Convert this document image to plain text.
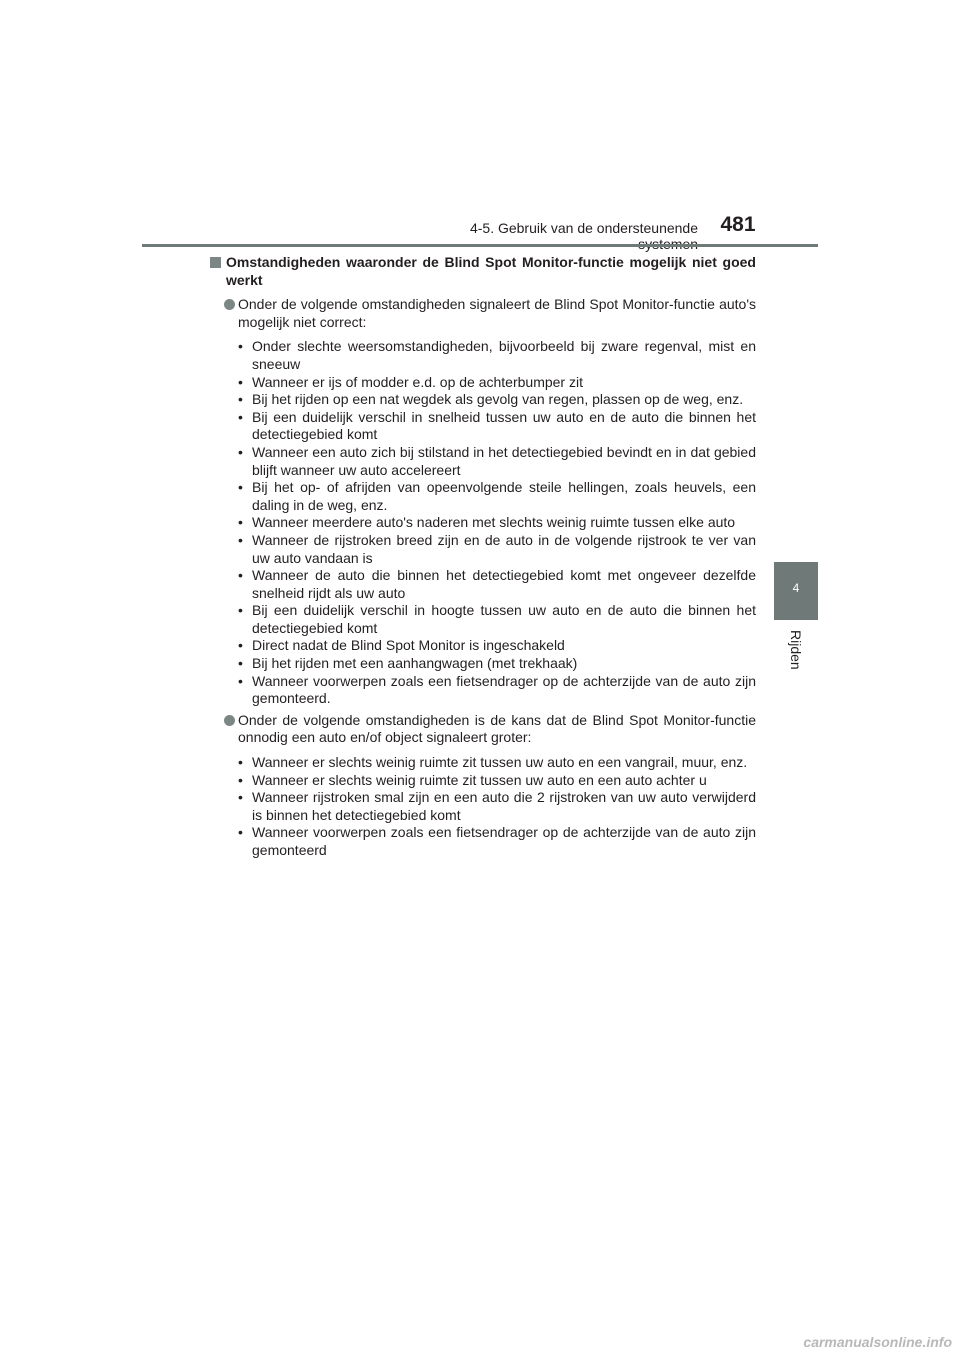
4-5. Gebruik van de ondersteunende	481
4
Rijden
Omstandigheden waaronder de Blind Spot Monitor-functie mogelijk niet goed werkt
Onder de volgende omstandigheden signaleert de Blind Spot Monitor-functie auto's mogelijk niet correct:
• Onder slechte weersomstandigheden, bijvoorbeeld bij zware regenval, mist en sneeuw
• Wanneer er ijs of modder e.d. op de achterbumper zit
• Bij het rijden op een nat wegdek als gevolg van regen, plassen op de weg, enz.
• Bij een duidelijk verschil in snelheid tussen uw auto en de auto die binnen het detectiegebied komt
• Wanneer een auto zich bij stilstand in het detectiegebied bevindt en in dat gebied blijft wanneer uw auto accelereert
• Bij het op- of afrijden van opeenvolgende steile hellingen, zoals heuvels, een daling in de weg, enz.
• Wanneer meerdere auto's naderen met slechts weinig ruimte tussen elke auto
• Wanneer de rijstroken breed zijn en de auto in de volgende rijstrook te ver van uw auto vandaan is
• Wanneer de auto die binnen het detectiegebied komt met ongeveer dezelfde snelheid rijdt als uw auto
• Bij een duidelijk verschil in hoogte tussen uw auto en de auto die binnen het detectiegebied komt
• Direct nadat de Blind Spot Monitor is ingeschakeld
• Bij het rijden met een aanhangwagen (met trekhaak)
• Wanneer voorwerpen zoals een fietsendrager op de achterzijde van de auto zijn gemonteerd.
Onder de volgende omstandigheden is de kans dat de Blind Spot Monitor-functie onnodig een auto en/of object signaleert groter:
• Wanneer er slechts weinig ruimte zit tussen uw auto en een vangrail, muur, enz.
• Wanneer er slechts weinig ruimte zit tussen uw auto en een auto achter u
• Wanneer rijstroken smal zijn en een auto die 2 rijstroken van uw auto verwijderd is binnen het detectiegebied komt
• Wanneer voorwerpen zoals een fietsendrager op de achterzijde van de auto zijn gemonteerd
carmanualsonline.info
